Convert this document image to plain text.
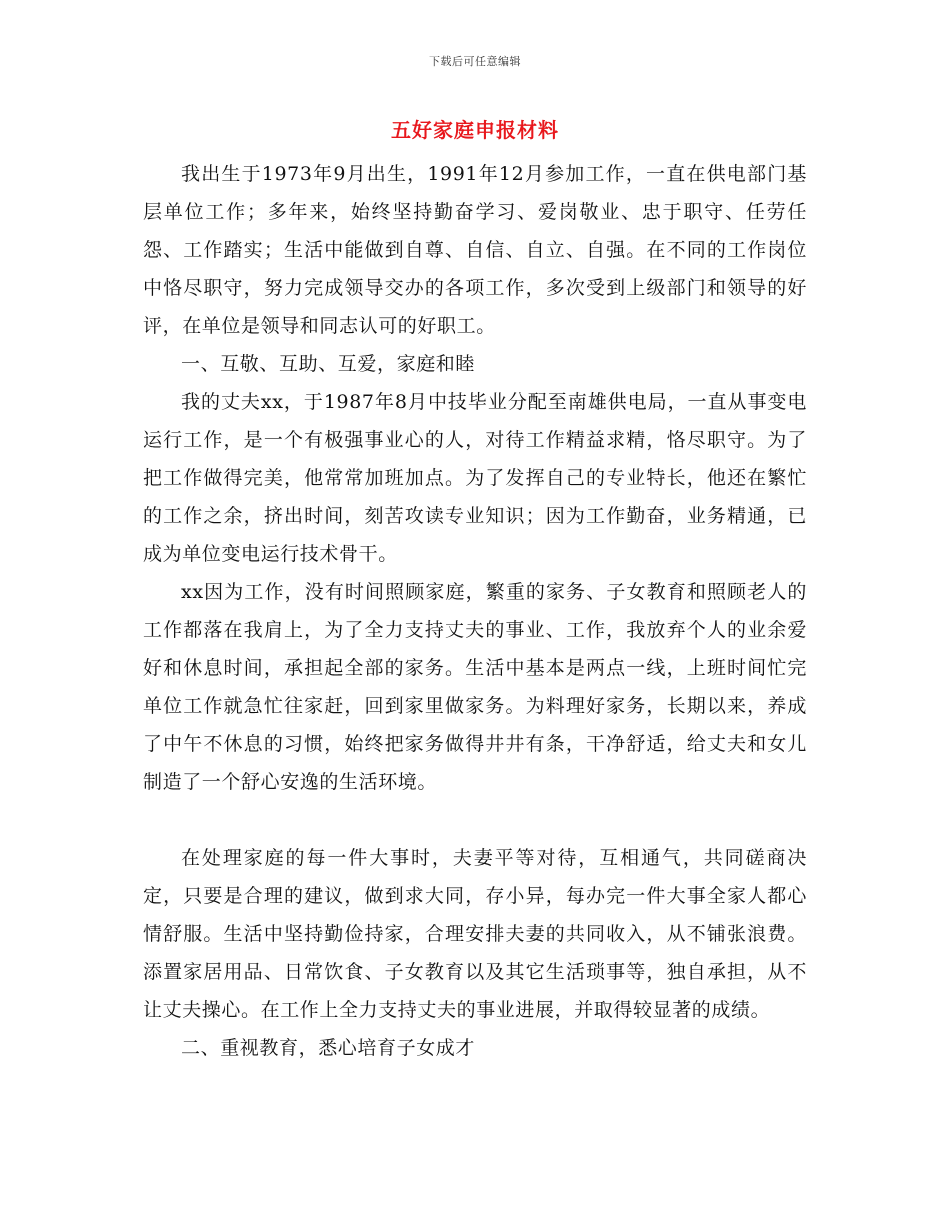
下载后可任意编辑
五好家庭申报材料

我出生于1973年9月出生，1991年12月参加工作，一直在供电部门基层单位工作；多年来，始终坚持勤奋学习、爱岗敬业、忠于职守、任劳任怨、工作踏实；生活中能做到自尊、自信、自立、自强。在不同的工作岗位中恪尽职守，努力完成领导交办的各项工作，多次受到上级部门和领导的好评，在单位是领导和同志认可的好职工。

一、互敬、互助、互爱，家庭和睦

我的丈夫xx，于1987年8月中技毕业分配至南雄供电局，一直从事变电运行工作，是一个有极强事业心的人，对待工作精益求精，恪尽职守。为了把工作做得完美，他常常加班加点。为了发挥自己的专业特长，他还在繁忙的工作之余，挤出时间，刻苦攻读专业知识；因为工作勤奋，业务精通，已成为单位变电运行技术骨干。

xx因为工作，没有时间照顾家庭，繁重的家务、子女教育和照顾老人的工作都落在我肩上，为了全力支持丈夫的事业、工作，我放弃个人的业余爱好和休息时间，承担起全部的家务。生活中基本是两点一线，上班时间忙完单位工作就急忙往家赶，回到家里做家务。为料理好家务，长期以来，养成了中午不休息的习惯，始终把家务做得井井有条，干净舒适，给丈夫和女儿制造了一个舒心安逸的生活环境。

在处理家庭的每一件大事时，夫妻平等对待，互相通气，共同磋商决定，只要是合理的建议，做到求大同，存小异，每办完一件大事全家人都心情舒服。生活中坚持勤俭持家，合理安排夫妻的共同收入，从不铺张浪费。添置家居用品、日常饮食、子女教育以及其它生活琐事等，独自承担，从不让丈夫操心。在工作上全力支持丈夫的事业进展，并取得较显著的成绩。

二、重视教育，悉心培育子女成才
